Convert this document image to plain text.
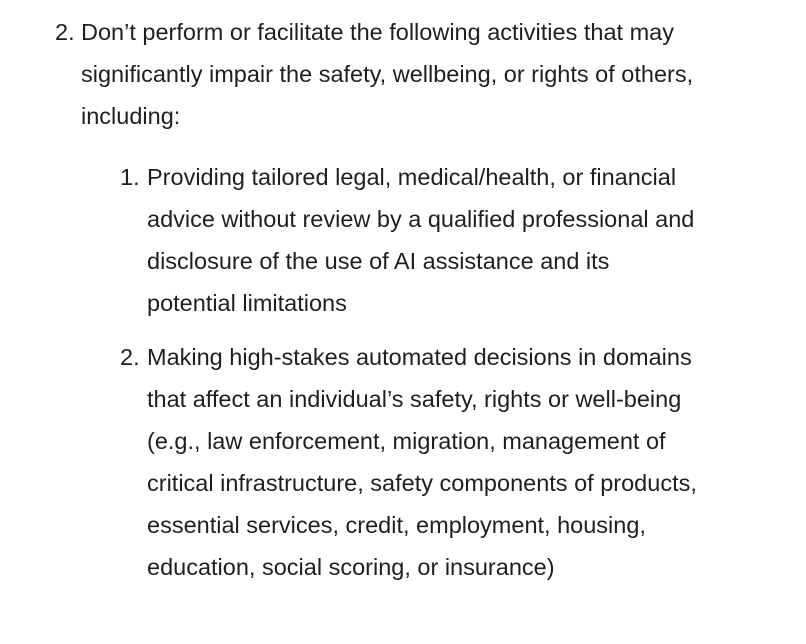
2. Don’t perform or facilitate the following activities that may significantly impair the safety, wellbeing, or rights of others, including:
1. Providing tailored legal, medical/health, or financial advice without review by a qualified professional and disclosure of the use of AI assistance and its potential limitations
2. Making high-stakes automated decisions in domains that affect an individual’s safety, rights or well-being (e.g., law enforcement, migration, management of critical infrastructure, safety components of products, essential services, credit, employment, housing, education, social scoring, or insurance)
